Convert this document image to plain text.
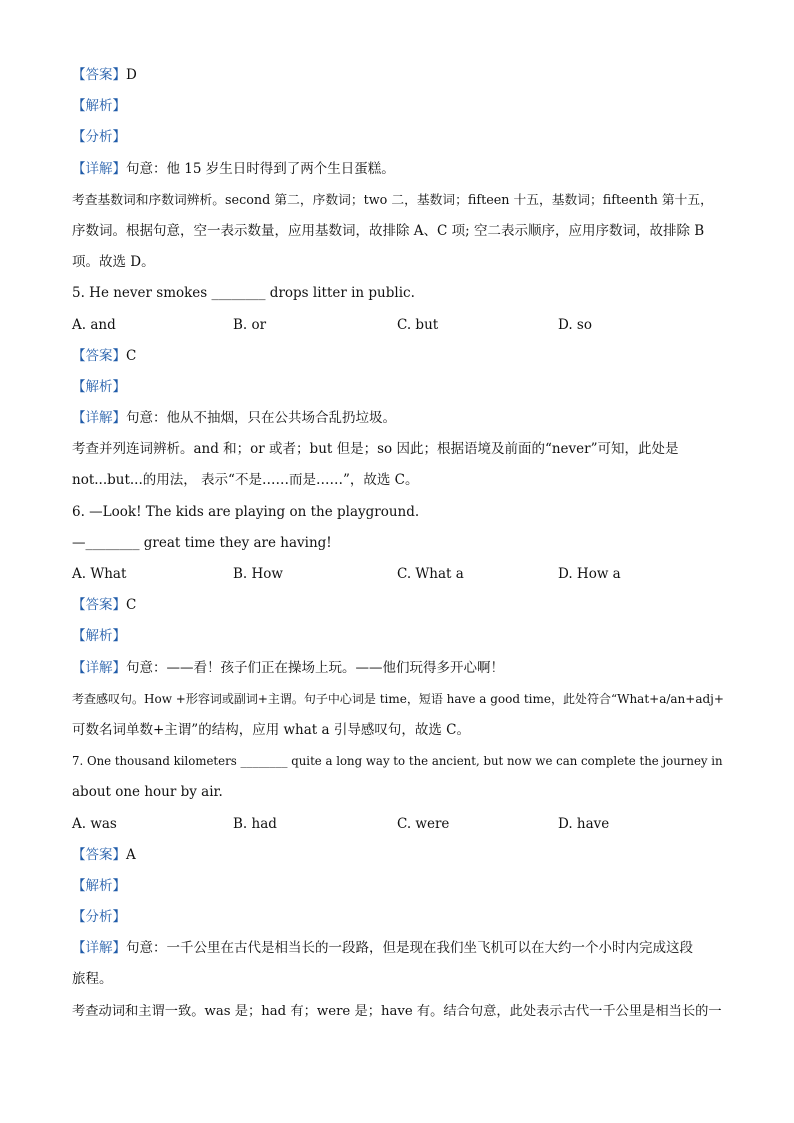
【答案】D
【解析】
【分析】
【详解】句意：他 15 岁生日时得到了两个生日蛋糕。
考查基数词和序数词辨析。second 第二，序数词；two 二，基数词；fifteen 十五，基数词；fifteenth 第十五，
序数词。根据句意，空一表示数量，应用基数词，故排除 A、C 项; 空二表示顺序，应用序数词，故排除 B
项。故选 D。
5. He never smokes ________ drops litter in public.
A. and	B. or	C. but	D. so
【答案】C
【解析】
【详解】句意：他从不抽烟，只在公共场合乱扔垃圾。
考查并列连词辨析。and 和；or 或者；but 但是；so 因此；根据语境及前面的“never”可知，此处是
not...but...的用法， 表示“不是……而是……”，故选 C。
6. —Look! The kids are playing on the playground.
—________ great time they are having!
A. What	B. How	C. What a	D. How a
【答案】C
【解析】
【详解】句意：——看！孩子们正在操场上玩。——他们玩得多开心啊！
考查感叹句。How +形容词或副词+主谓。句子中心词是 time，短语 have a good time，此处符合“What+a/an+adj+
可数名词单数+主谓”的结构，应用 what a 引导感叹句，故选 C。
7. One thousand kilometers ________ quite a long way to the ancient, but now we can complete the journey in
about one hour by air.
A. was	B. had	C. were	D. have
【答案】A
【解析】
【分析】
【详解】句意：一千公里在古代是相当长的一段路，但是现在我们坐飞机可以在大约一个小时内完成这段
旅程。
考查动词和主谓一致。was 是；had 有；were 是；have 有。结合句意，此处表示古代一千公里是相当长的一
